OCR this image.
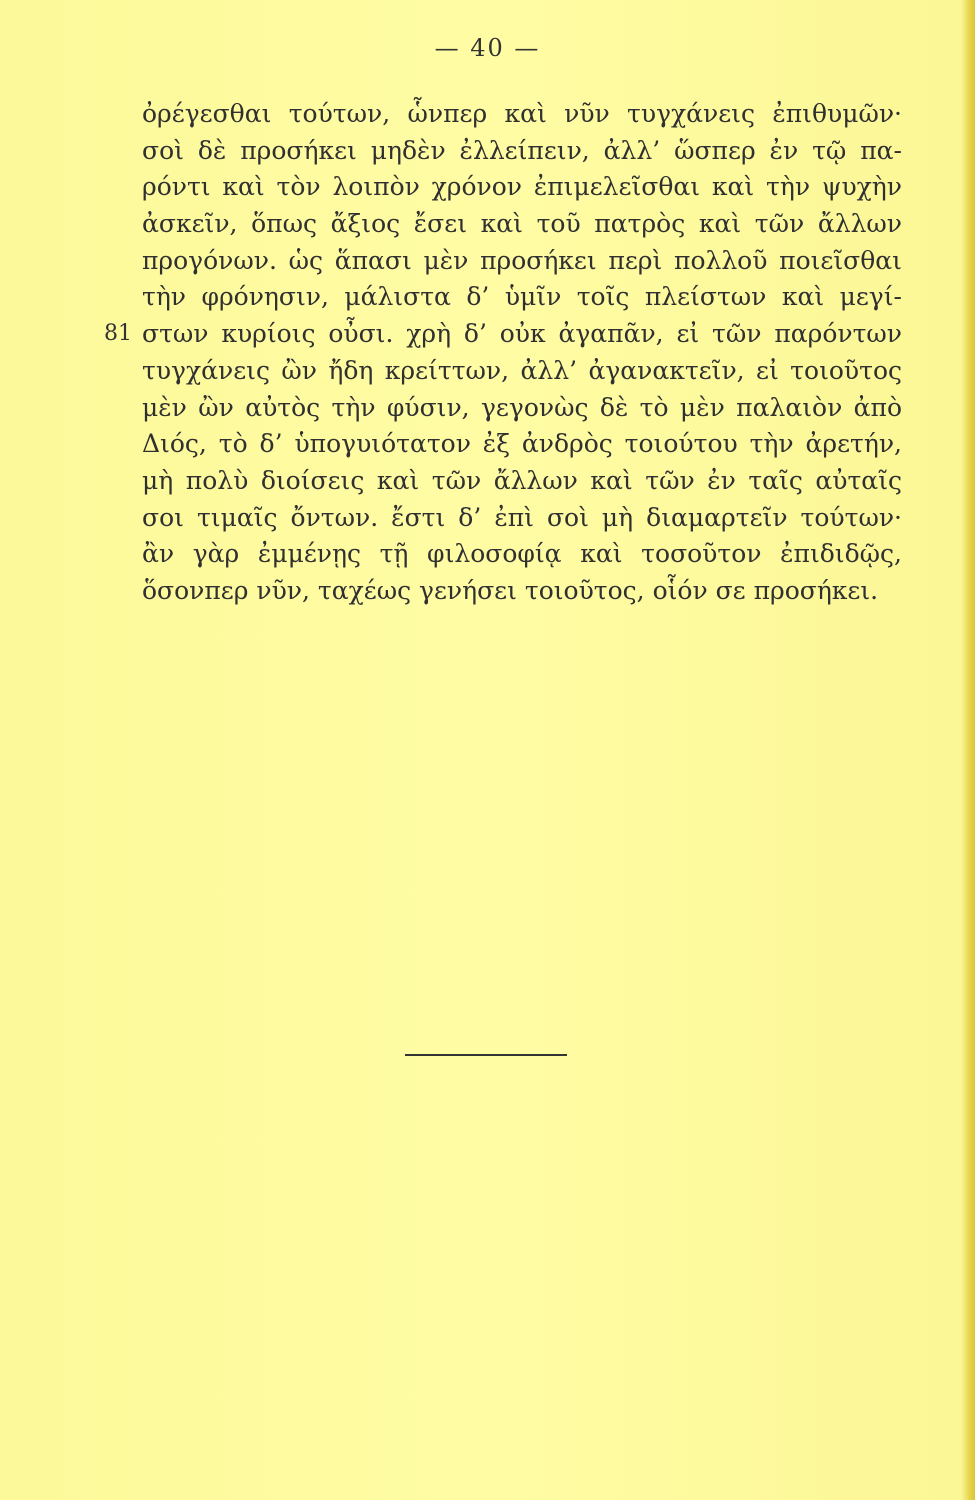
— 40 —
ὀρέγεσθαι τούτων, ὧνπερ καὶ νῦν τυγχάνεις ἐπιθυμῶν·
σοὶ δὲ προσήκει μηδὲν ἐλλείπειν, ἀλλ’ ὥσπερ ἐν τῷ πα-
ρόντι καὶ τὸν λοιπὸν χρόνον ἐπιμελεῖσθαι καὶ τὴν ψυχὴν
ἀσκεῖν, ὅπως ἄξιος ἔσει καὶ τοῦ πατρὸς καὶ τῶν ἄλλων
προγόνων. ὡς ἅπασι μὲν προσήκει περὶ πολλοῦ ποιεῖσθαι
τὴν φρόνησιν, μάλιστα δ’ ὑμῖν τοῖς πλείστων καὶ μεγί-
81 στων κυρίοις οὖσι. χρὴ δ’ οὐκ ἀγαπᾶν, εἰ τῶν παρόντων
τυγχάνεις ὢν ἤδη κρείττων, ἀλλ’ ἀγανακτεῖν, εἰ τοιοῦτος
μὲν ὢν αὐτὸς τὴν φύσιν, γεγονὼς δὲ τὸ μὲν παλαιὸν ἀπὸ
Διός, τὸ δ’ ὑπογυιότατον ἐξ ἀνδρὸς τοιούτου τὴν ἀρετήν,
μὴ πολὺ διοίσεις καὶ τῶν ἄλλων καὶ τῶν ἐν ταῖς αὐταῖς
σοι τιμαῖς ὄντων. ἔστι δ’ ἐπὶ σοὶ μὴ διαμαρτεῖν τούτων·
ἂν γὰρ ἐμμένῃς τῇ φιλοσοφίᾳ καὶ τοσοῦτον ἐπιδιδῷς,
ὅσονπερ νῦν, ταχέως γενήσει τοιοῦτος, οἷόν σε προσήκει.
